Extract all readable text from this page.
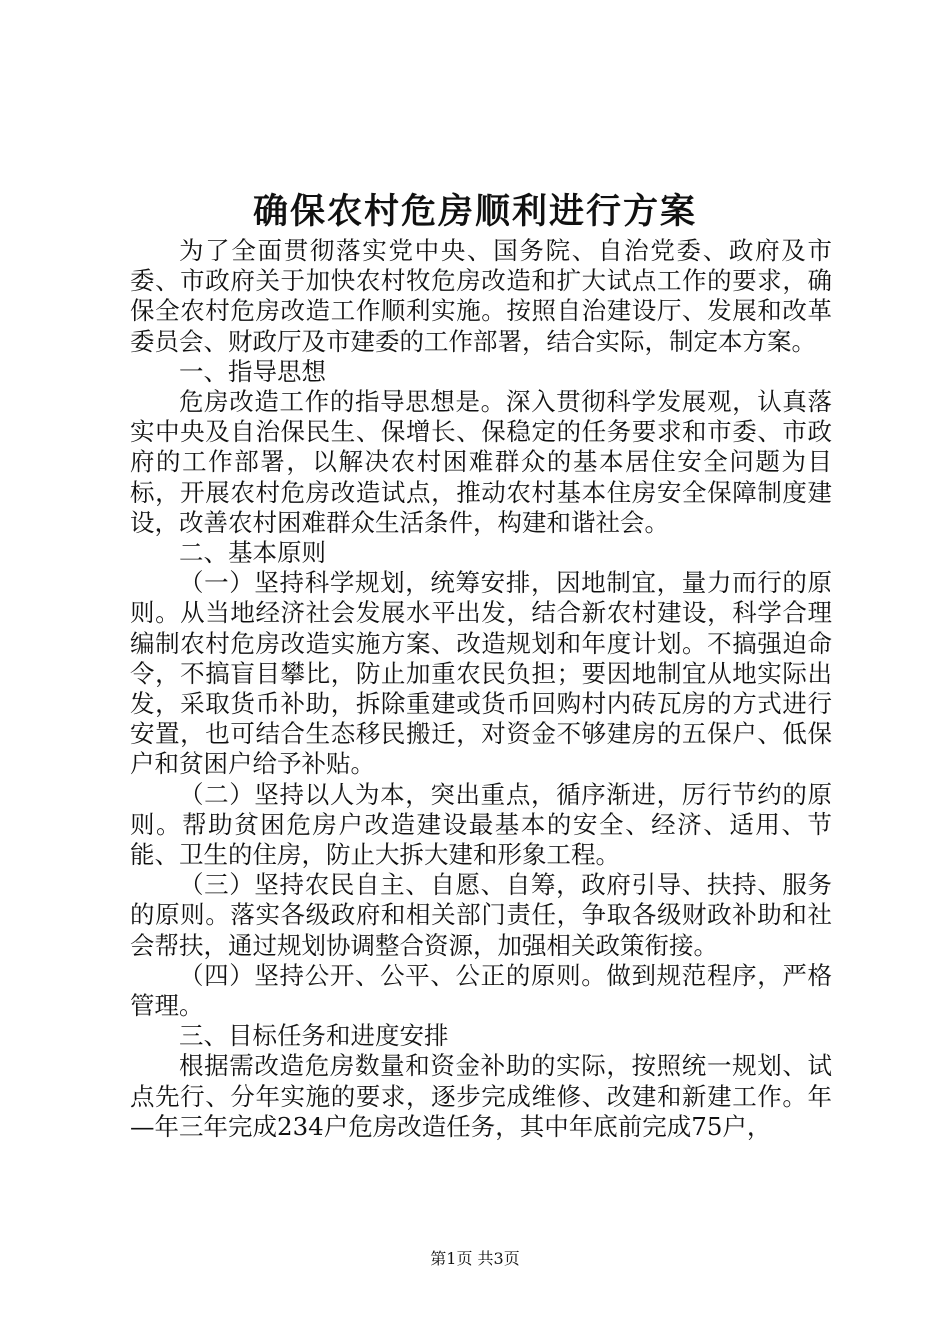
确保农村危房顺利进行方案

为了全面贯彻落实党中央、国务院、自治党委、政府及市委、市政府关于加快农村牧危房改造和扩大试点工作的要求，确保全农村危房改造工作顺利实施。按照自治建设厅、发展和改革委员会、财政厅及市建委的工作部署，结合实际，制定本方案。

一、指导思想

危房改造工作的指导思想是。深入贯彻科学发展观，认真落实中央及自治保民生、保增长、保稳定的任务要求和市委、市政府的工作部署，以解决农村困难群众的基本居住安全问题为目标，开展农村危房改造试点，推动农村基本住房安全保障制度建设，改善农村困难群众生活条件，构建和谐社会。

二、基本原则

（一）坚持科学规划，统筹安排，因地制宜，量力而行的原则。从当地经济社会发展水平出发，结合新农村建设，科学合理编制农村危房改造实施方案、改造规划和年度计划。不搞强迫命令，不搞盲目攀比，防止加重农民负担；要因地制宜从地实际出发，采取货币补助，拆除重建或货币回购村内砖瓦房的方式进行安置，也可结合生态移民搬迁，对资金不够建房的五保户、低保户和贫困户给予补贴。

（二）坚持以人为本，突出重点，循序渐进，厉行节约的原则。帮助贫困危房户改造建设最基本的安全、经济、适用、节能、卫生的住房，防止大拆大建和形象工程。

（三）坚持农民自主、自愿、自筹，政府引导、扶持、服务的原则。落实各级政府和相关部门责任，争取各级财政补助和社会帮扶，通过规划协调整合资源，加强相关政策衔接。

（四）坚持公开、公平、公正的原则。做到规范程序，严格管理。

三、目标任务和进度安排

根据需改造危房数量和资金补助的实际，按照统一规划、试点先行、分年实施的要求，逐步完成维修、改建和新建工作。年—年三年完成234户危房改造任务，其中年底前完成75户，

第1页 共3页
